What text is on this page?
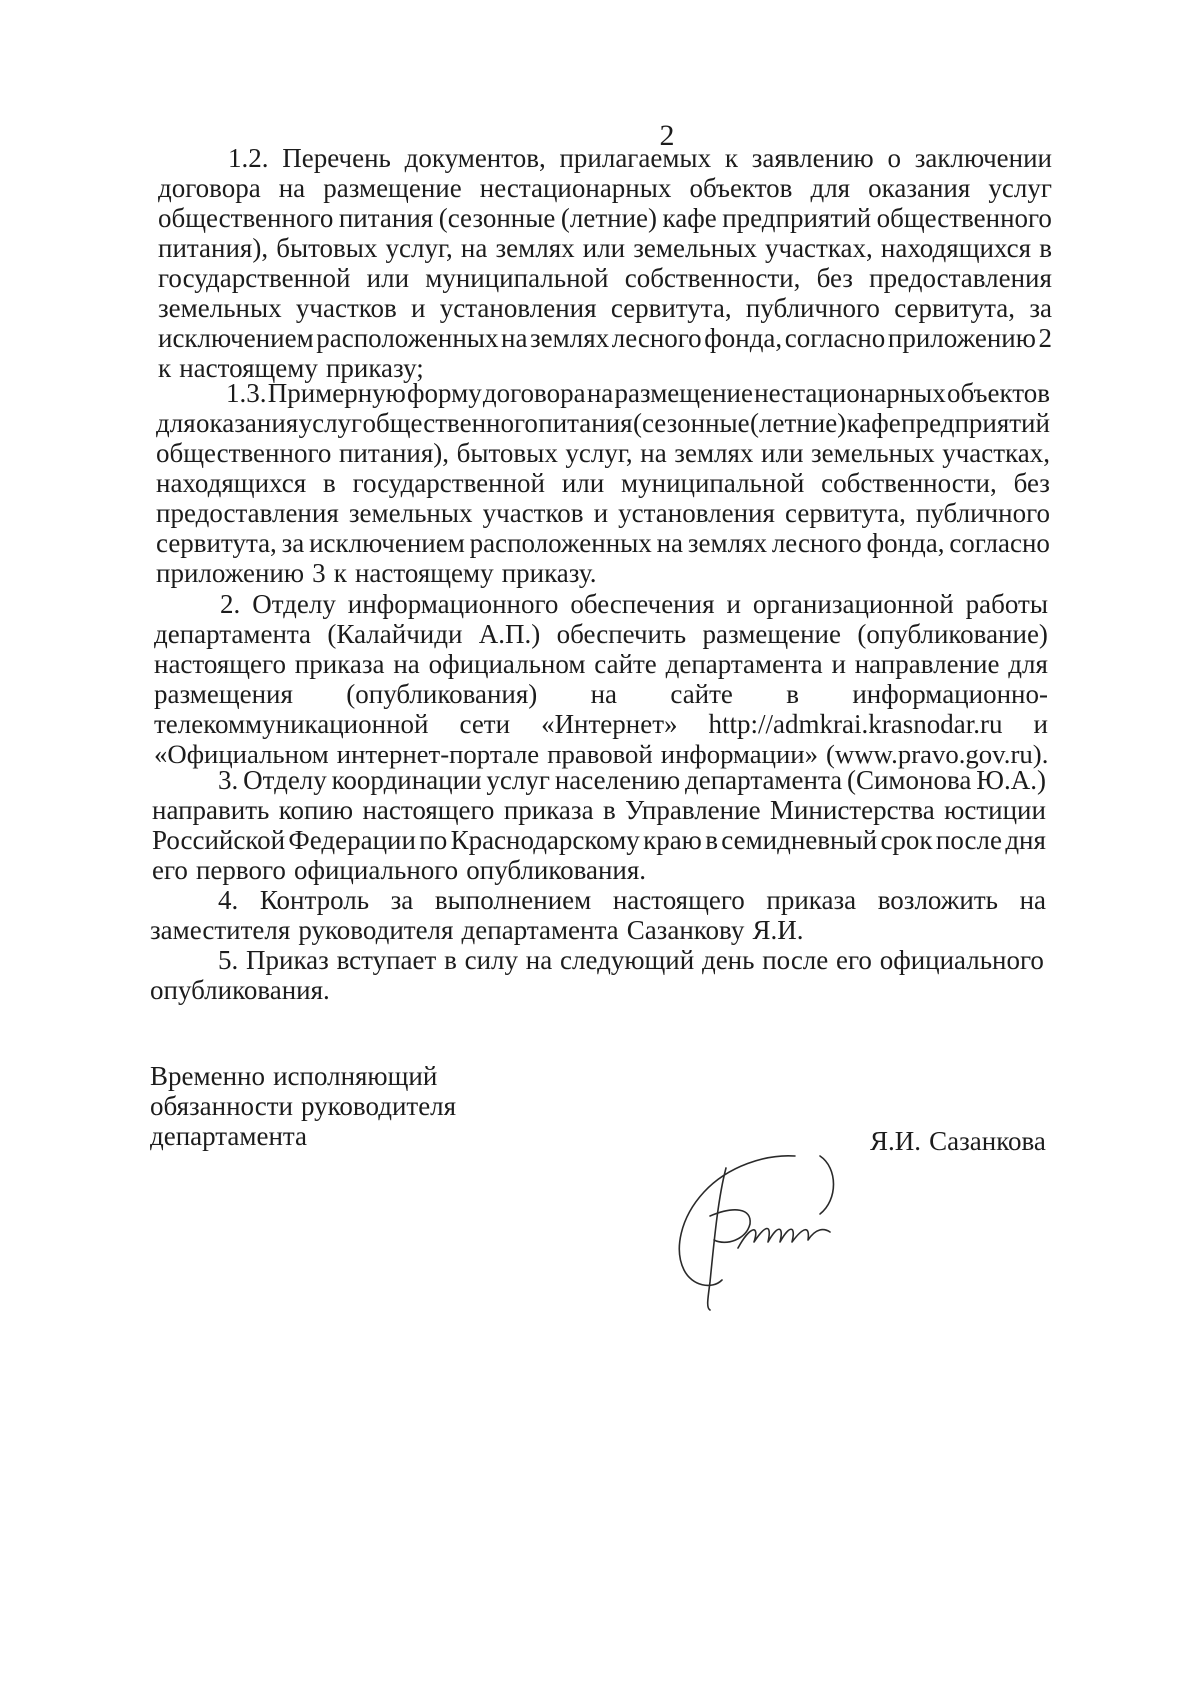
2
1.2. Перечень документов, прилагаемых к заявлению о заключении
договора на размещение нестационарных объектов для оказания услуг
общественного питания (сезонные (летние) кафе предприятий общественного
питания), бытовых услуг, на землях или земельных участках, находящихся в
государственной или муниципальной собственности, без предоставления
земельных участков и установления сервитута, публичного сервитута, за
исключением расположенных на землях лесного фонда, согласно приложению 2
к настоящему приказу;
1.3. Примерную форму договора на размещение нестационарных объектов
для оказания услуг общественного питания (сезонные (летние) кафе предприятий
общественного питания), бытовых услуг, на землях или земельных участках,
находящихся в государственной или муниципальной собственности, без
предоставления земельных участков и установления сервитута, публичного
сервитута, за исключением расположенных на землях лесного фонда, согласно
приложению 3 к настоящему приказу.
2. Отделу информационного обеспечения и организационной работы
департамента (Калайчиди А.П.) обеспечить размещение (опубликование)
настоящего приказа на официальном сайте департамента и направление для
размещения (опубликования) на сайте в информационно-
телекоммуникационной сети «Интернет» http://admkrai.krasnodar.ru и
«Официальном интернет-портале правовой информации» (www.pravo.gov.ru).
3. Отделу координации услуг населению департамента (Симонова Ю.А.)
направить копию настоящего приказа в Управление Министерства юстиции
Российской Федерации по Краснодарскому краю в семидневный срок после дня
его первого официального опубликования.
4. Контроль за выполнением настоящего приказа возложить на
заместителя руководителя департамента Сазанкову Я.И.
5. Приказ вступает в силу на следующий день после его официального
опубликования.
Временно исполняющий
обязанности руководителя
департамента	Я.И. Сазанкова
